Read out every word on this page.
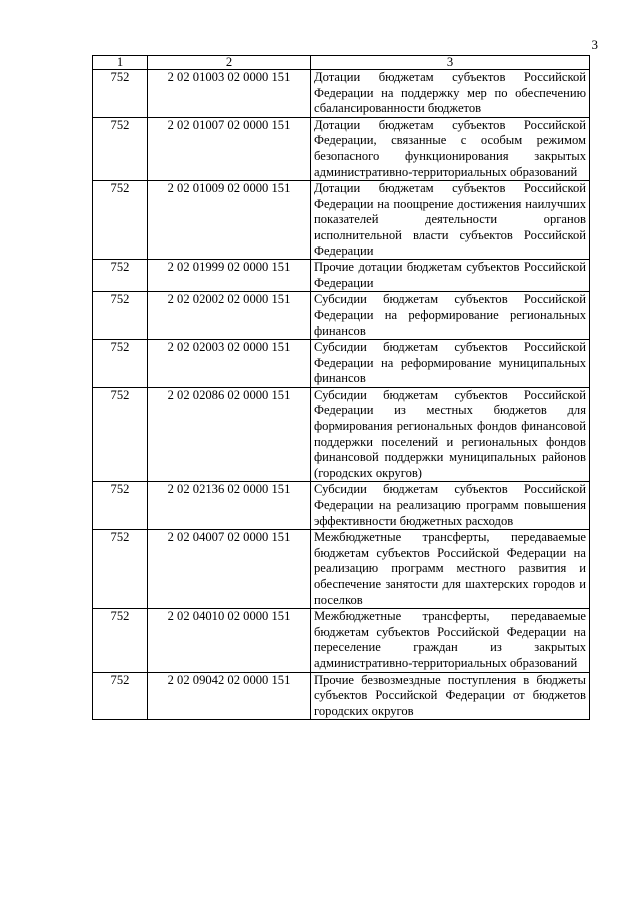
3
1	2	3
752	2 02 01003 02 0000 151	Дотации бюджетам субъектов Российской Федерации на поддержку мер по обеспечению сбалансированности бюджетов
752	2 02 01007 02 0000 151	Дотации бюджетам субъектов Российской Федерации, связанные с особым режимом безопасного функционирования закрытых административно-территориальных образований
752	2 02 01009 02 0000 151	Дотации бюджетам субъектов Российской Федерации на поощрение достижения наилучших показателей деятельности органов исполнительной власти субъектов Российской Федерации
752	2 02 01999 02 0000 151	Прочие дотации бюджетам субъектов Российской Федерации
752	2 02 02002 02 0000 151	Субсидии бюджетам субъектов Российской Федерации на реформирование региональных финансов
752	2 02 02003 02 0000 151	Субсидии бюджетам субъектов Российской Федерации на реформирование муниципальных финансов
752	2 02 02086 02 0000 151	Субсидии бюджетам субъектов Российской Федерации из местных бюджетов для формирования региональных фондов финансовой поддержки поселений и региональных фондов финансовой поддержки муниципальных районов (городских округов)
752	2 02 02136 02 0000 151	Субсидии бюджетам субъектов Российской Федерации на реализацию программ повышения эффективности бюджетных расходов
752	2 02 04007 02 0000 151	Межбюджетные трансферты, передаваемые бюджетам субъектов Российской Федерации на реализацию программ местного развития и обеспечение занятости для шахтерских городов и поселков
752	2 02 04010 02 0000 151	Межбюджетные трансферты, передаваемые бюджетам субъектов Российской Федерации на переселение граждан из закрытых административно-территориальных образований
752	2 02 09042 02 0000 151	Прочие безвозмездные поступления в бюджеты субъектов Российской Федерации от бюджетов городских округов
